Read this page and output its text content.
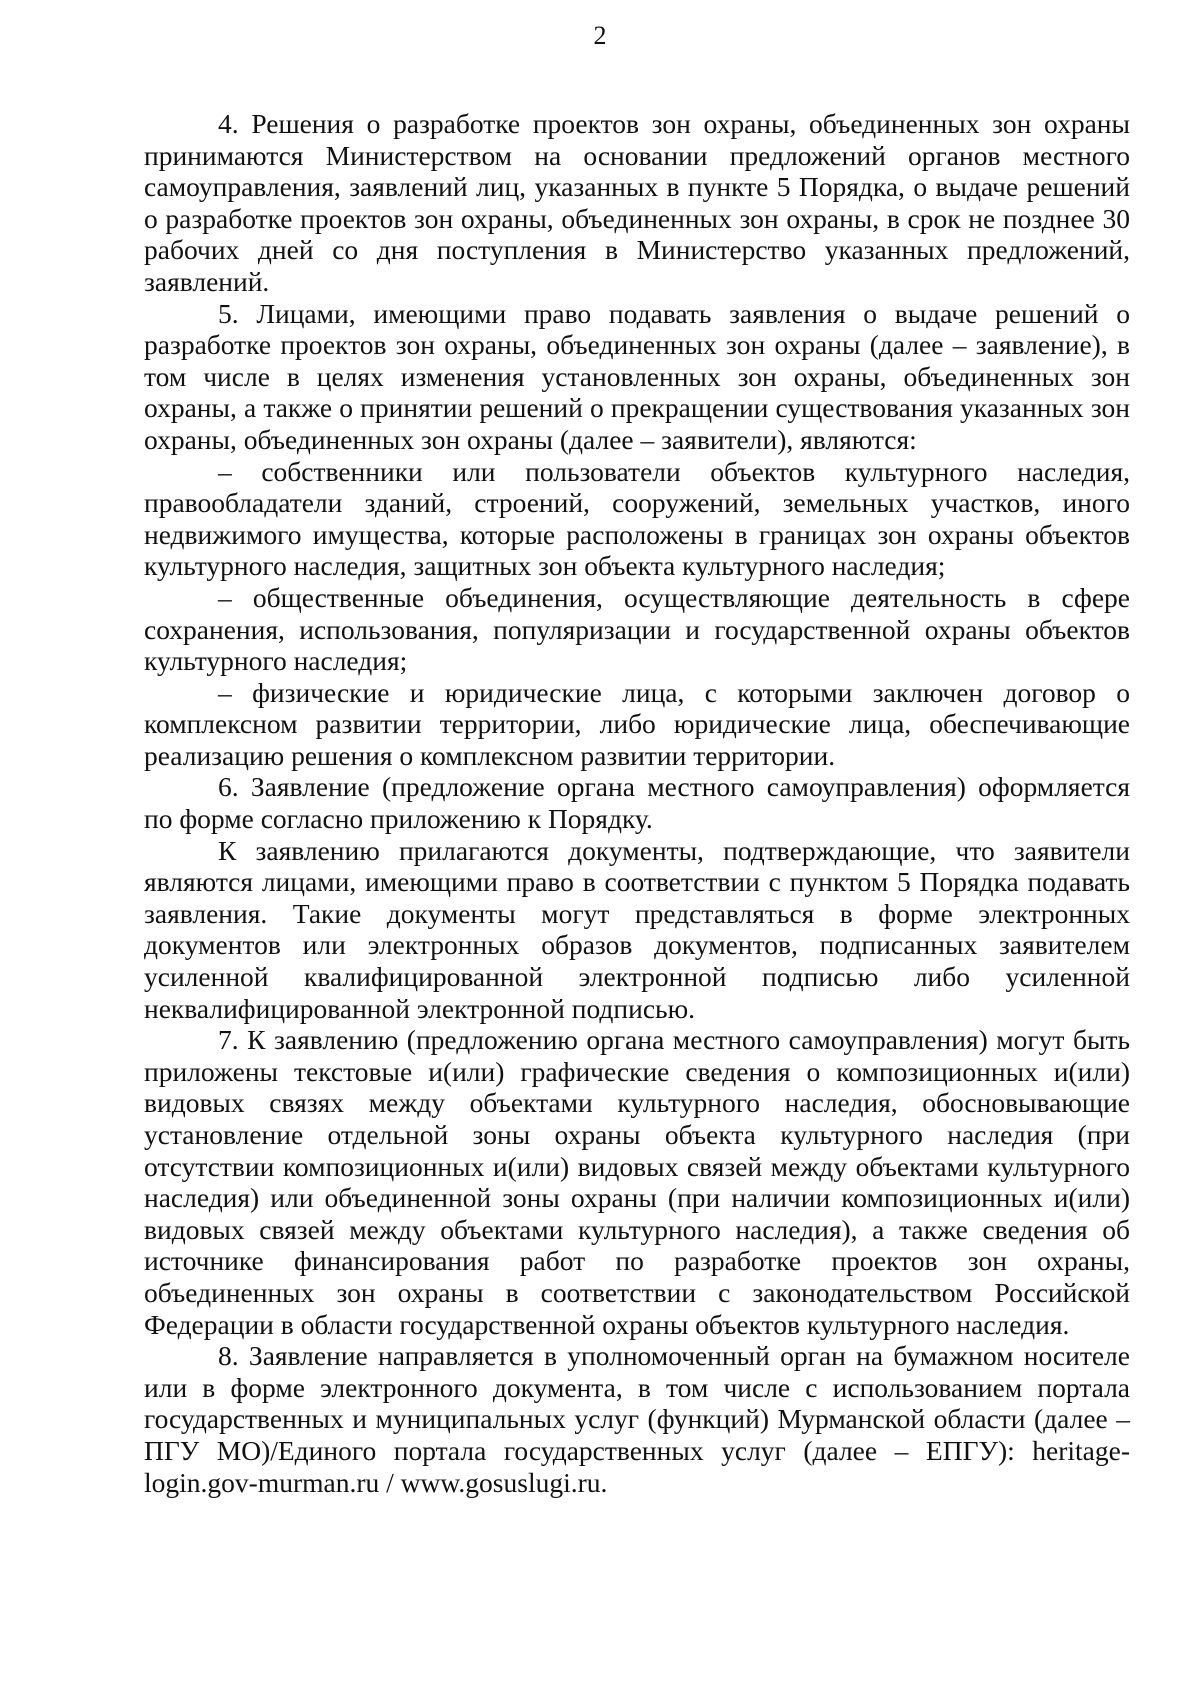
2

4. Решения о разработке проектов зон охраны, объединенных зон охраны принимаются Министерством на основании предложений органов местного самоуправления, заявлений лиц, указанных в пункте 5 Порядка, о выдаче решений о разработке проектов зон охраны, объединенных зон охраны, в срок не позднее 30 рабочих дней со дня поступления в Министерство указанных предложений, заявлений.

5. Лицами, имеющими право подавать заявления о выдаче решений о разработке проектов зон охраны, объединенных зон охраны (далее – заявление), в том числе в целях изменения установленных зон охраны, объединенных зон охраны, а также о принятии решений о прекращении существования указанных зон охраны, объединенных зон охраны (далее – заявители), являются:

– собственники или пользователи объектов культурного наследия, правообладатели зданий, строений, сооружений, земельных участков, иного недвижимого имущества, которые расположены в границах зон охраны объектов культурного наследия, защитных зон объекта культурного наследия;

– общественные объединения, осуществляющие деятельность в сфере сохранения, использования, популяризации и государственной охраны объектов культурного наследия;

– физические и юридические лица, с которыми заключен договор о комплексном развитии территории, либо юридические лица, обеспечивающие реализацию решения о комплексном развитии территории.

6. Заявление (предложение органа местного самоуправления) оформляется по форме согласно приложению к Порядку.

К заявлению прилагаются документы, подтверждающие, что заявители являются лицами, имеющими право в соответствии с пунктом 5 Порядка подавать заявления. Такие документы могут представляться в форме электронных документов или электронных образов документов, подписанных заявителем усиленной квалифицированной электронной подписью либо усиленной неквалифицированной электронной подписью.

7. К заявлению (предложению органа местного самоуправления) могут быть приложены текстовые и(или) графические сведения о композиционных и(или) видовых связях между объектами культурного наследия, обосновывающие установление отдельной зоны охраны объекта культурного наследия (при отсутствии композиционных и(или) видовых связей между объектами культурного наследия) или объединенной зоны охраны (при наличии композиционных и(или) видовых связей между объектами культурного наследия), а также сведения об источнике финансирования работ по разработке проектов зон охраны, объединенных зон охраны в соответствии с законодательством Российской Федерации в области государственной охраны объектов культурного наследия.

8. Заявление направляется в уполномоченный орган на бумажном носителе или в форме электронного документа, в том числе с использованием портала государственных и муниципальных услуг (функций) Мурманской области (далее – ПГУ МО)/Единого портала государственных услуг (далее – ЕПГУ): heritage-login.gov-murman.ru / www.gosuslugi.ru.
